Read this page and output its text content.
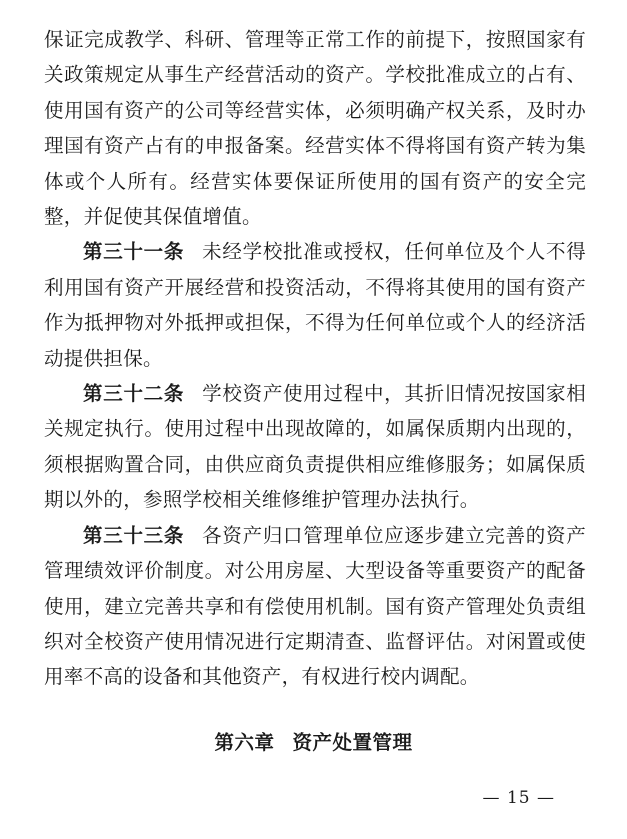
保证完成教学、科研、管理等正常工作的前提下，按照国家有关政策规定从事生产经营活动的资产。学校批准成立的占有、使用国有资产的公司等经营实体，必须明确产权关系，及时办理国有资产占有的申报备案。经营实体不得将国有资产转为集体或个人所有。经营实体要保证所使用的国有资产的安全完整，并促使其保值增值。

第三十一条 未经学校批准或授权，任何单位及个人不得利用国有资产开展经营和投资活动，不得将其使用的国有资产作为抵押物对外抵押或担保，不得为任何单位或个人的经济活动提供担保。

第三十二条 学校资产使用过程中，其折旧情况按国家相关规定执行。使用过程中出现故障的，如属保质期内出现的，须根据购置合同，由供应商负责提供相应维修服务；如属保质期以外的，参照学校相关维修维护管理办法执行。

第三十三条 各资产归口管理单位应逐步建立完善的资产管理绩效评价制度。对公用房屋、大型设备等重要资产的配备使用，建立完善共享和有偿使用机制。国有资产管理处负责组织对全校资产使用情况进行定期清查、监督评估。对闲置或使用率不高的设备和其他资产，有权进行校内调配。

第六章 资产处置管理
— 15 —
